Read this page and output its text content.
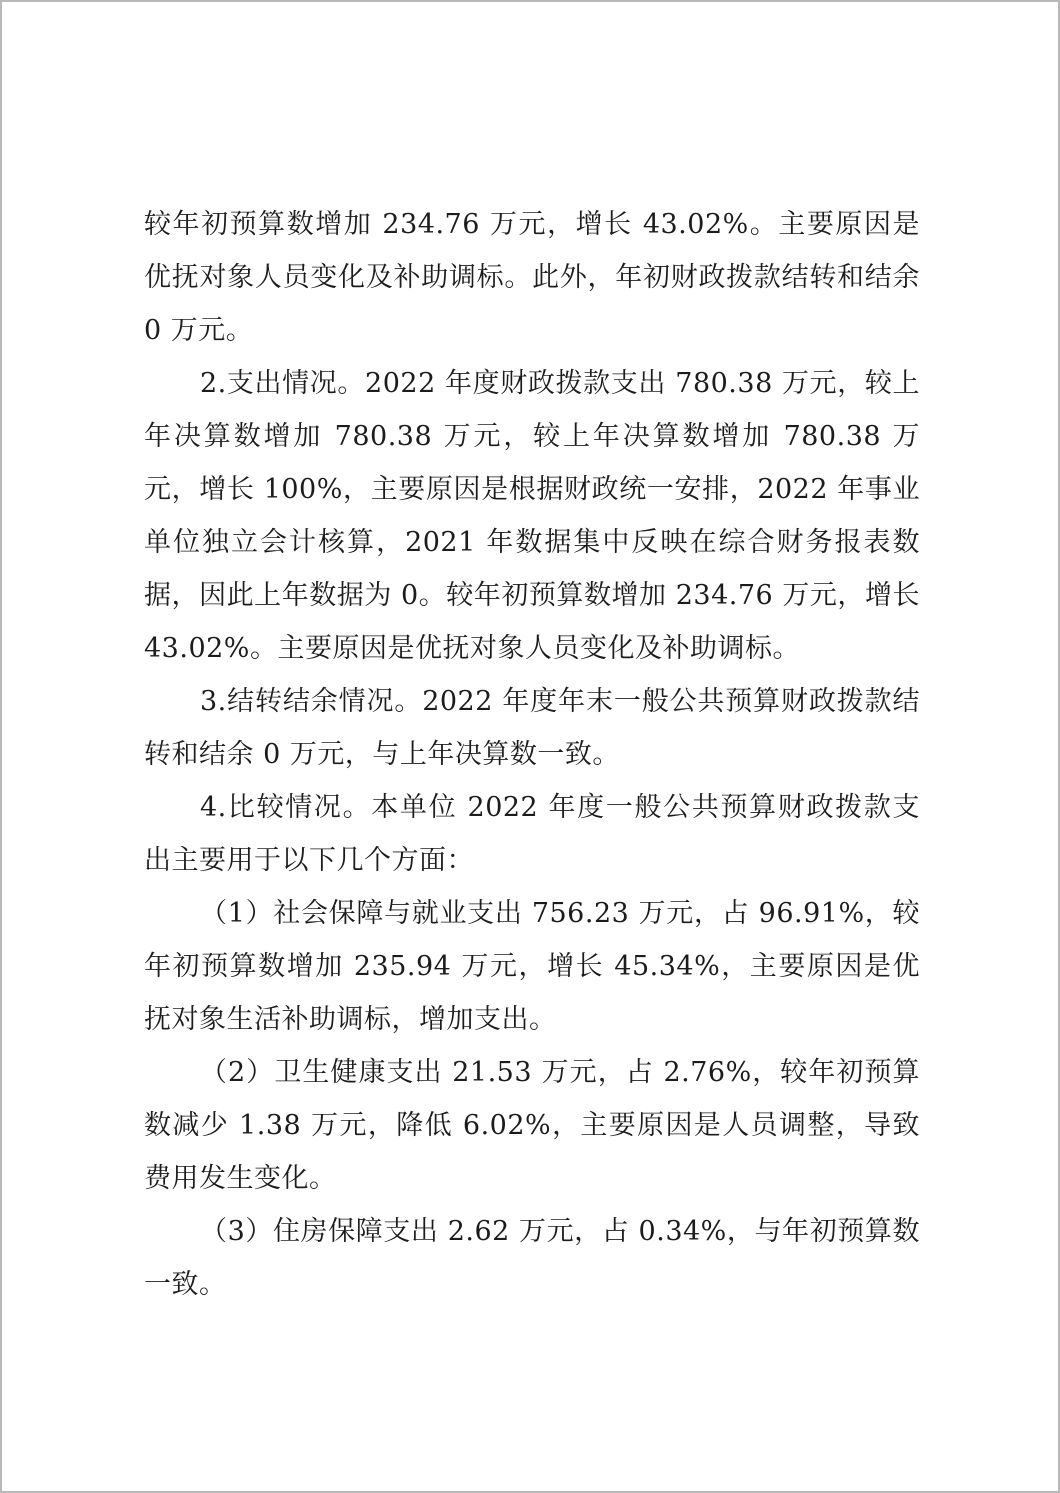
较年初预算数增加 234.76 万元，增长 43.02%。主要原因是优抚对象人员变化及补助调标。此外，年初财政拨款结转和结余 0 万元。

2.支出情况。2022 年度财政拨款支出 780.38 万元，较上年决算数增加 780.38 万元，较上年决算数增加 780.38 万元，增长 100%，主要原因是根据财政统一安排，2022 年事业单位独立会计核算，2021 年数据集中反映在综合财务报表数据，因此上年数据为 0。较年初预算数增加 234.76 万元，增长 43.02%。主要原因是优抚对象人员变化及补助调标。

3.结转结余情况。2022 年度年末一般公共预算财政拨款结转和结余 0 万元，与上年决算数一致。

4.比较情况。本单位 2022 年度一般公共预算财政拨款支出主要用于以下几个方面：

（1）社会保障与就业支出 756.23 万元，占 96.91%，较年初预算数增加 235.94 万元，增长 45.34%，主要原因是优抚对象生活补助调标，增加支出。

（2）卫生健康支出 21.53 万元，占 2.76%，较年初预算数减少 1.38 万元，降低 6.02%，主要原因是人员调整，导致费用发生变化。

（3）住房保障支出 2.62 万元，占 0.34%，与年初预算数一致。
